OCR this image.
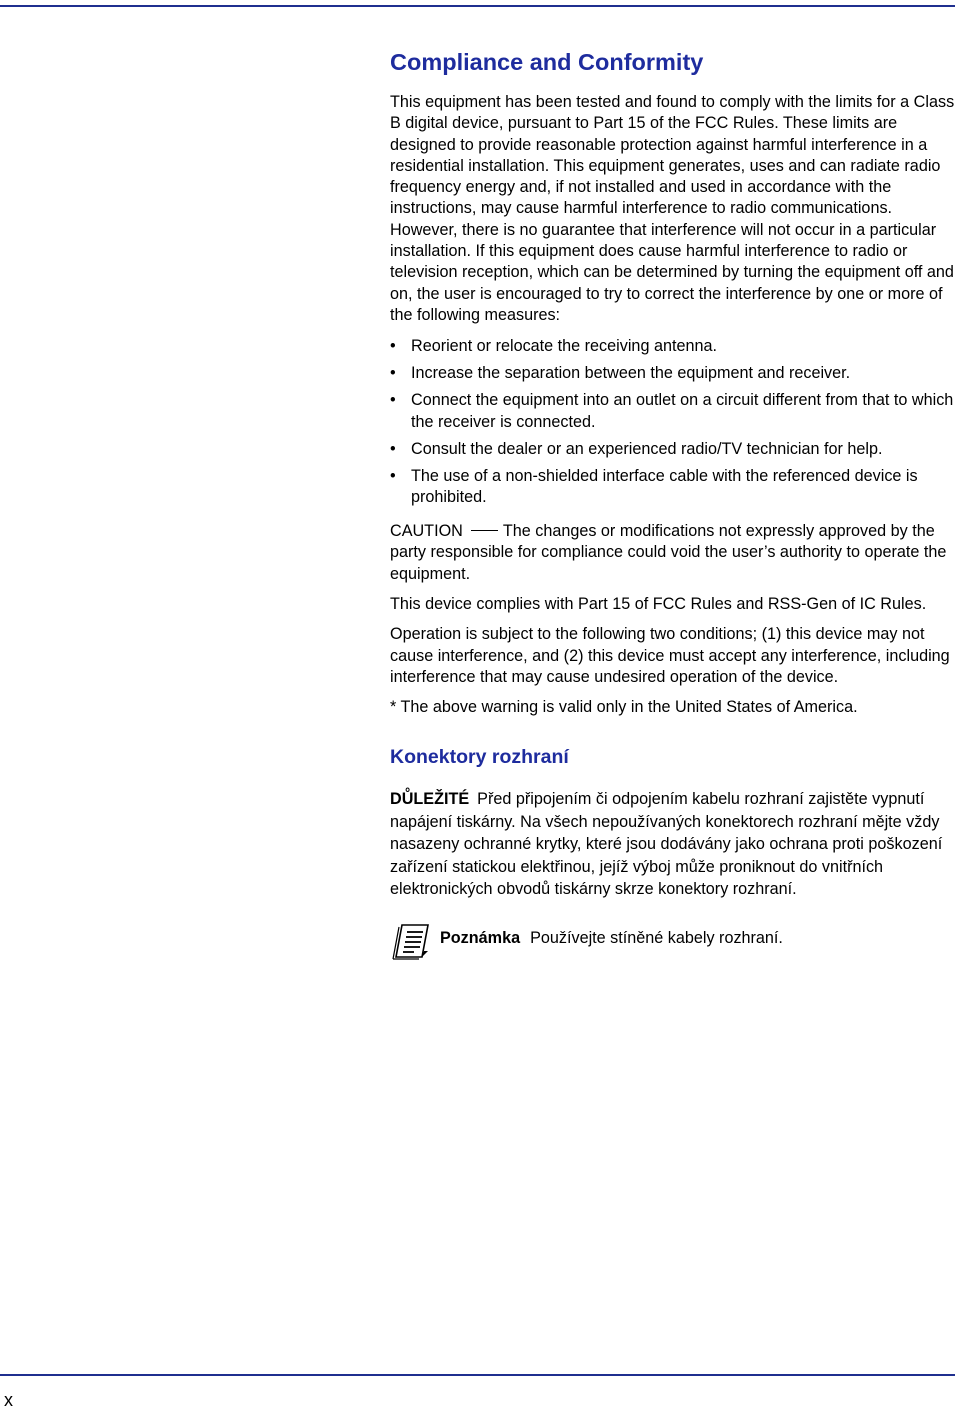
Compliance and Conformity

This equipment has been tested and found to comply with the limits for a Class B digital device, pursuant to Part 15 of the FCC Rules. These limits are designed to provide reasonable protection against harmful interference in a residential installation. This equipment generates, uses and can radiate radio frequency energy and, if not installed and used in accordance with the instructions, may cause harmful interference to radio communications. However, there is no guarantee that interference will not occur in a particular installation. If this equipment does cause harmful interference to radio or television reception, which can be determined by turning the equipment off and on, the user is encouraged to try to correct the interference by one or more of the following measures:

• Reorient or relocate the receiving antenna.
• Increase the separation between the equipment and receiver.
• Connect the equipment into an outlet on a circuit different from that to which the receiver is connected.
• Consult the dealer or an experienced radio/TV technician for help.
• The use of a non-shielded interface cable with the referenced device is prohibited.

CAUTION The changes or modifications not expressly approved by the party responsible for compliance could void the user’s authority to operate the equipment.

This device complies with Part 15 of FCC Rules and RSS-Gen of IC Rules.

Operation is subject to the following two conditions; (1) this device may not cause interference, and (2) this device must accept any interference, including interference that may cause undesired operation of the device.

* The above warning is valid only in the United States of America.

Konektory rozhraní

DŮLEŽITÉ Před připojením či odpojením kabelu rozhraní zajistěte vypnutí napájení tiskárny. Na všech nepoužívaných konektorech rozhraní mějte vždy nasazeny ochranné krytky, které jsou dodávány jako ochrana proti poškození zařízení statickou elektřinou, jejíž výboj může proniknout do vnitřních elektronických obvodů tiskárny skrze konektory rozhraní.

Poznámka Používejte stíněné kabely rozhraní.
x
